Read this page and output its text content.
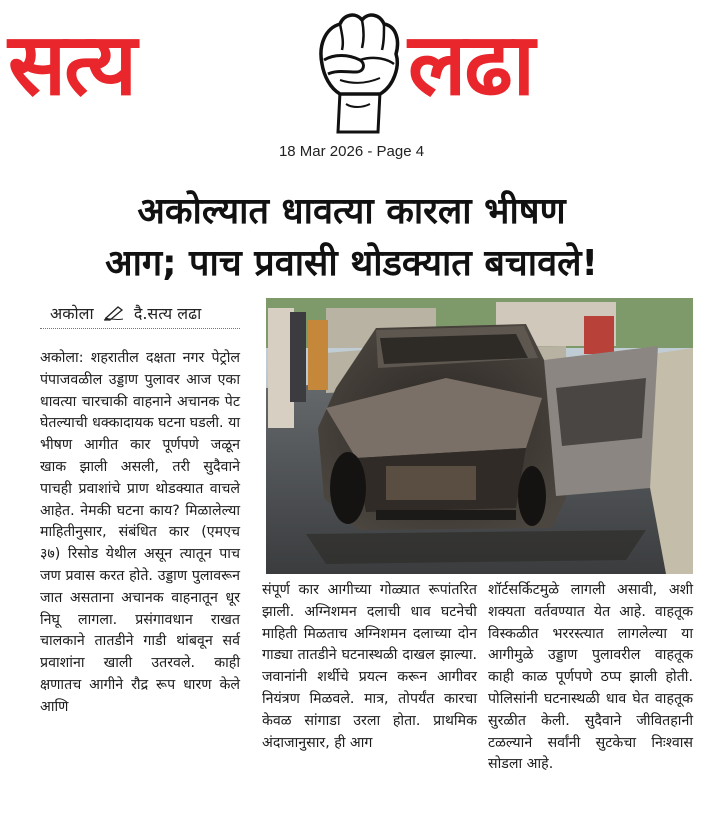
सत्य	लढा
18 Mar 2026 - Page 4
अकोल्यात धावत्या कारला भीषण
आग; पाच प्रवासी थोडक्यात बचावले!
अकोला	दै.सत्य लढा
अकोला: शहरातील दक्षता नगर पेट्रोल पंपाजवळील उड्डाण पुलावर आज एका धावत्या चारचाकी वाहनाने अचानक पेट घेतल्याची धक्कादायक घटना घडली. या भीषण आगीत कार पूर्णपणे जळून खाक झाली असली, तरी सुदैवाने पाचही प्रवाशांचे प्राण थोडक्यात वाचले आहेत. नेमकी घटना काय? मिळालेल्या माहितीनुसार, संबंधित कार (एमएच ३७) रिसोड येथील असून त्यातून पाच जण प्रवास करत होते. उड्डाण पुलावरून जात असताना अचानक वाहनातून धूर निघू लागला. प्रसंगावधान राखत चालकाने तातडीने गाडी थांबवून सर्व प्रवाशांना खाली उतरवले. काही क्षणातच आगीने रौद्र रूप धारण केले आणि
संपूर्ण कार आगीच्या गोळ्यात रूपांतरित झाली. अग्निशमन दलाची धाव घटनेची माहिती मिळताच अग्निशमन दलाच्या दोन गाड्या तातडीने घटनास्थळी दाखल झाल्या. जवानांनी शर्थीचे प्रयत्न करून आगीवर नियंत्रण मिळवले. मात्र, तोपर्यंत कारचा केवळ सांगाडा उरला होता. प्राथमिक अंदाजानुसार, ही आग
शॉर्टसर्किटमुळे लागली असावी, अशी शक्यता वर्तवण्यात येत आहे. वाहतूक विस्कळीत भररस्त्यात लागलेल्या या आगीमुळे उड्डाण पुलावरील वाहतूक काही काळ पूर्णपणे ठप्प झाली होती. पोलिसांनी घटनास्थळी धाव घेत वाहतूक सुरळीत केली. सुदैवाने जीवितहानी टळल्याने सर्वांनी सुटकेचा निःश्वास सोडला आहे.
